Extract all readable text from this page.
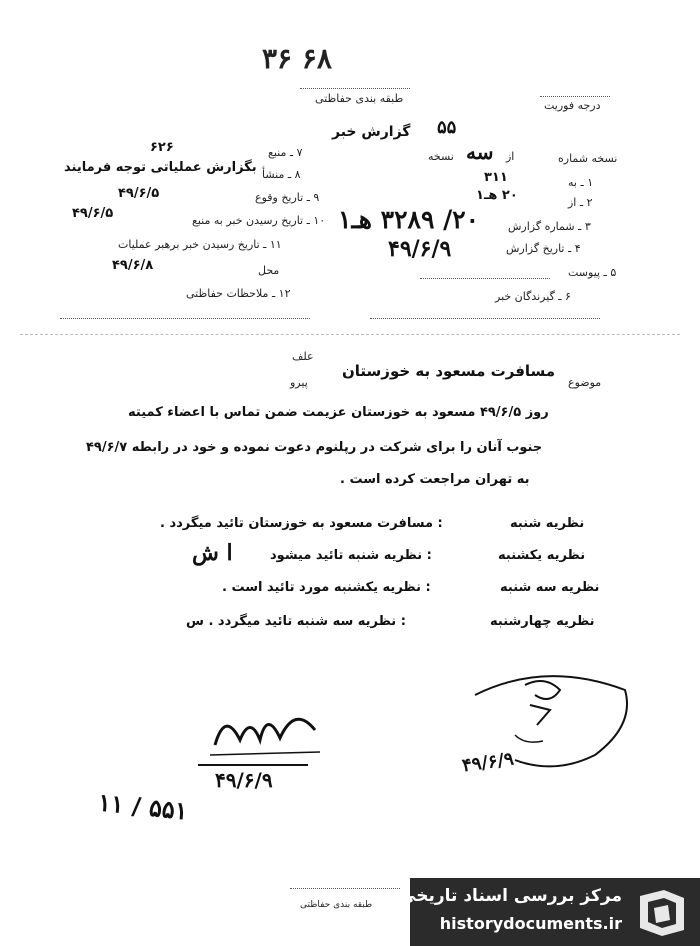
۶۸ ۳۶
طبقه بندی حفاظتی
درجه فوریت
گزارش خبر ۵۵
نسخه شماره
سه از
نسخه
۱ ـ به
۳۱۱
۲ ـ از
۲۰ هـ۱
۳ ـ شماره گزارش
۲۰/ ۳۲۸۹ هـ۱
۴ ـ تاریخ گزارش
۴۹/۶/۹
۵ ـ پیوست
۶ ـ گیرندگان خبر
۷ ـ منبع
۶۲۶
۸ ـ منشأ
بگزارش عملیاتی توجه فرمایند
۹ ـ تاریخ وقوع
۴۹/۶/۵
۱۰ ـ تاریخ رسیدن خبر به منبع
۴۹/۶/۵
۱۱ ـ تاریخ رسیدن خبر برهبر عملیات
محل
۴۹/۶/۸
۱۲ ـ ملاحظات حفاظتی
علف
پیرو	موضوع
مسافرت مسعود به خوزستان
روز ۴۹/۶/۵ مسعود به خوزستان عزیمت ضمن تماس با اعضاء کمیته
جنوب آنان را برای شرکت در رپلنوم دعوت نموده و خود در رابطه ۴۹/۶/۷
به تهران مراجعت کرده است .
نظریه شنبه
: مسافرت مسعود به خوزستان تائید میگردد .
نظریه یکشنبه
: نظریه شنبه تائید میشود
ا ش
نظریه سه شنبه
: نظریه یکشنبه مورد تائید است .
نظریه چهارشنبه
: نظریه سه شنبه تائید میگردد . س
۴۹/۶/۹
۴۹/۶/۹
۱۱ / ۵۵۱
طبقه بندی حفاظتی مرکز بررسی اسناد تاریخی
historydocuments.ir
